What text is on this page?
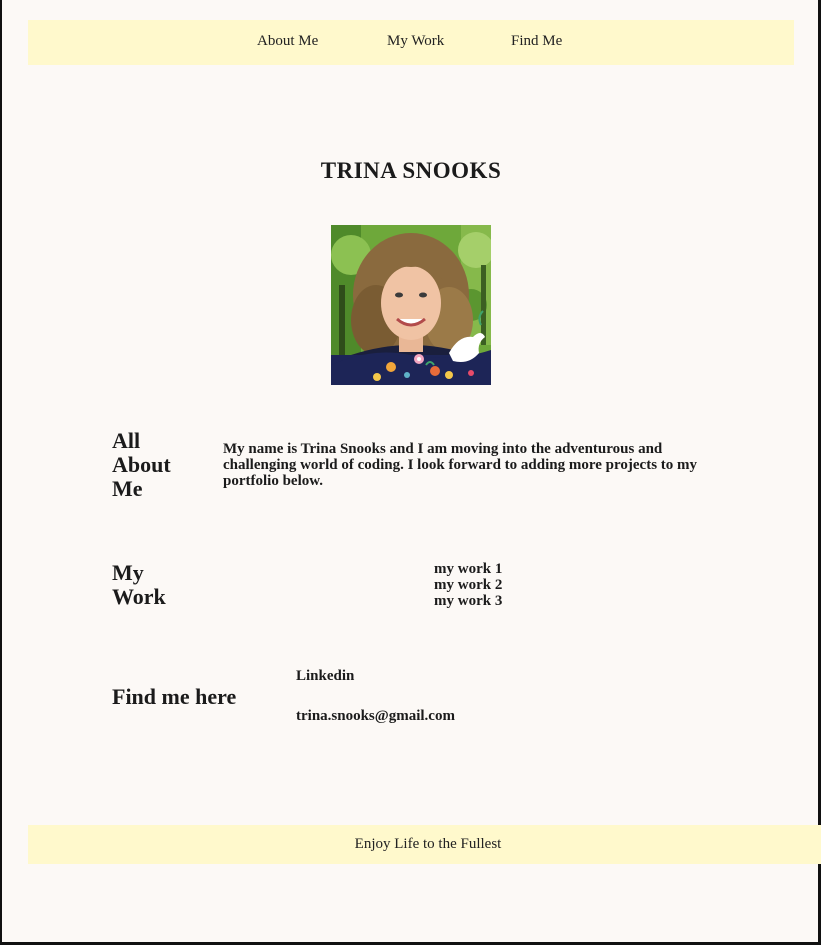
About Me	My Work	Find Me
TRINA SNOOKS
All About Me

My name is Trina Snooks and I am moving into the adventurous and challenging world of coding. I look forward to adding more projects to my portfolio below.

My Work
my work 1
my work 2
my work 3
Find me here
Linkedin
trina.snooks@gmail.com
Enjoy Life to the Fullest
